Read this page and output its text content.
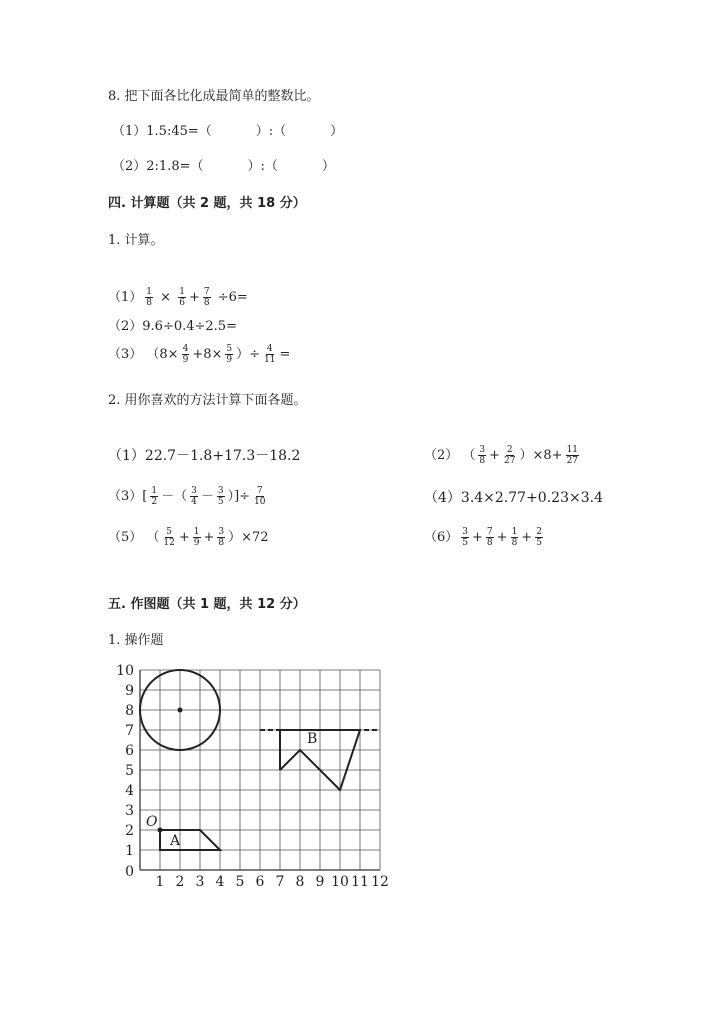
8. 把下面各比化成最简单的整数比。
（1）1.5:45=（	）:（	）
（2）2:1.8=（	）:（	）
四. 计算题（共 2 题，共 18 分）
1. 计算。
$(1) \frac{1}{8} \times \frac{1}{6} + \frac{7}{8} \div 6=$
（2）9.6÷0.4÷2.5=
（3） （$8\times \frac{4}{9} +8\times \frac{5}{9}$ ）÷ $\frac{4}{11}$ =
2. 用你喜欢的方法计算下面各题。
（1）22.7－1.8+17.3－18.2	（2） （ $\frac{3}{8} + \frac{2}{27} )\times 8+ \frac{11}{27}$
$(3)[ \frac{1}{2}$ －（ $\frac{3}{4} - \frac{3}{5}$ ）]÷ $\frac{7}{10}$	（4）3.4×2.77+0.23×3.4
（5） （ $\frac{5}{12} + \frac{1}{9} + \frac{3}{8} )\times 72$	$(6) \frac{3}{5} + \frac{7}{8} + \frac{1}{8} + \frac{2}{5}$
五. 作图题（共 1 题，共 12 分）
1. 操作题
1 2 3 4 5 6 7 8 9 10 11 12
10
9
8
7
6
5
4
3
2
1
0
O
A
B
